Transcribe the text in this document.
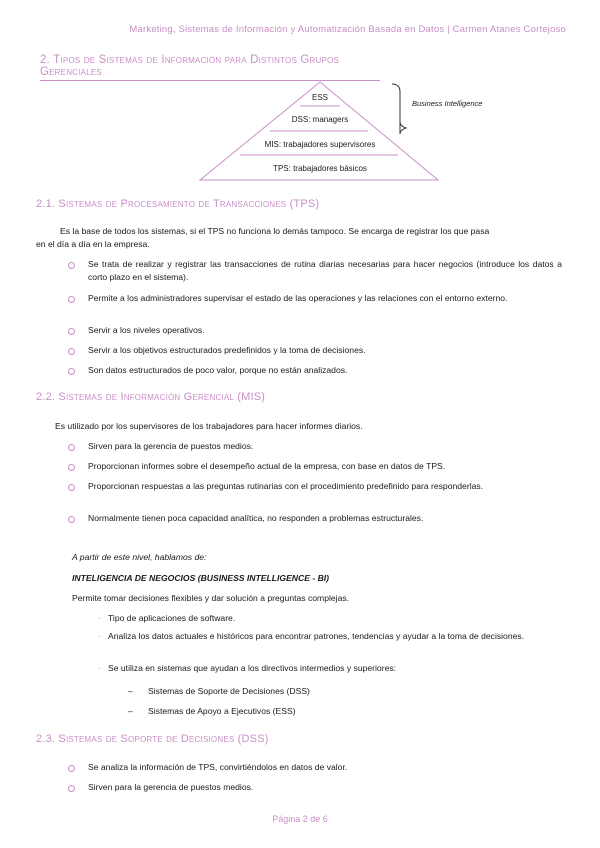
Marketing, Sistemas de Información y Automatización Basada en Datos | Carmen Atanes Cortejoso
2. Tipos de Sistemas de Información para Distintos Grupos Gerenciales
ESS
DSS: managers
MIS: trabajadores supervisores
TPS: trabajadores básicos
Business Intelligence
2.1. Sistemas de Procesamiento de Transacciones (TPS)
Es la base de todos los sistemas, si el TPS no funciona lo demás tampoco. Se encarga de registrar los que pasa
en el día a día en la empresa.
Se trata de realizar y registrar las transacciones de rutina diarias necesarias para hacer negocios (introduce los datos a corto plazo en el sistema).
Permite a los administradores supervisar el estado de las operaciones y las relaciones con el entorno externo.
Servir a los niveles operativos.
Servir a los objetivos estructurados predefinidos y la toma de decisiones.
Son datos estructurados de poco valor, porque no están analizados.
2.2. Sistemas de Información Gerencial (MIS)
Es utilizado por los supervisores de los trabajadores para hacer informes diarios.
Sirven para la gerencia de puestos medios.
Proporcionan informes sobre el desempeño actual de la empresa, con base en datos de TPS.
Proporcionan respuestas a las preguntas rutinarias con el procedimiento predefinido para responderlas.
Normalmente tienen poca capacidad analítica, no responden a problemas estructurales.
A partir de este nivel, hablamos de:
INTELIGENCIA DE NEGOCIOS (BUSINESS INTELLIGENCE - BI)
Permite tomar decisiones flexibles y dar solución a preguntas complejas.
· Tipo de aplicaciones de software.
· Analiza los datos actuales e históricos para encontrar patrones, tendencias y ayudar a la toma de decisiones.
· Se utiliza en sistemas que ayudan a los directivos intermedios y superiores:
– Sistemas de Soporte de Decisiones (DSS)
– Sistemas de Apoyo a Ejecutivos (ESS)
2.3. Sistemas de Soporte de Decisiones (DSS)
Se analiza la información de TPS, convirtiéndolos en datos de valor.
Sirven para la gerencia de puestos medios.
Página 2 de 6
